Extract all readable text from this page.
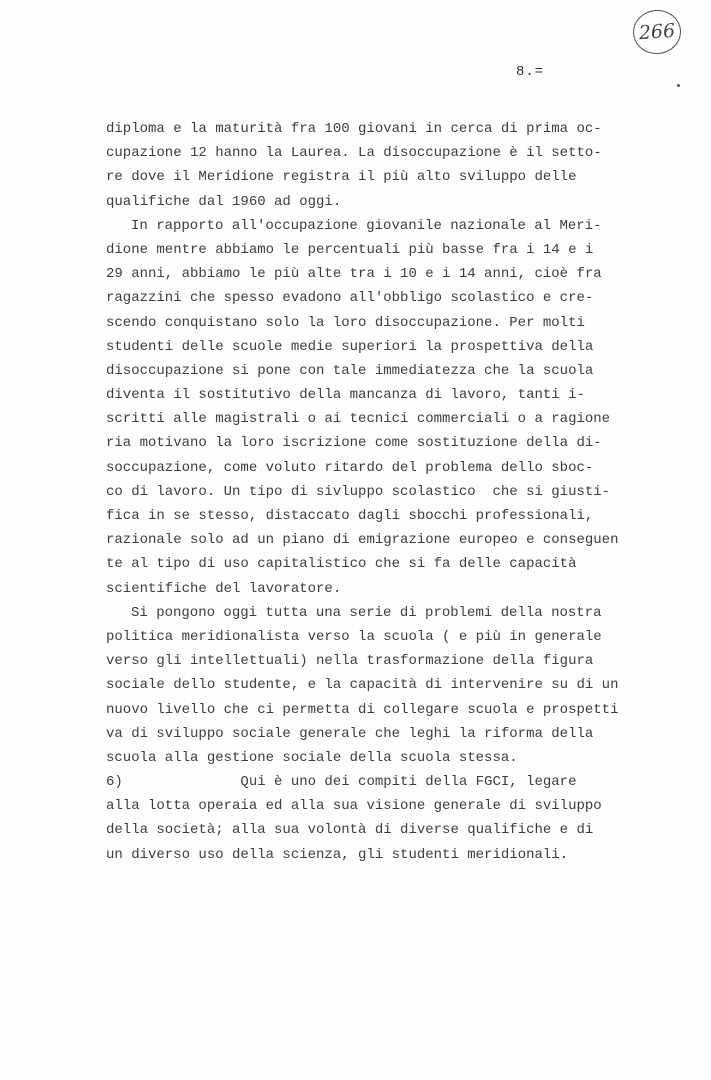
266
8.=
diploma e la maturità fra 100 giovani in cerca di prima oc-
cupazione 12 hanno la Laurea. La disoccupazione è il setto-
re dove il Meridione registra il più alto sviluppo delle
qualifiche dal 1960 ad oggi.
In rapporto all'occupazione giovanile nazionale al Meri-
dione mentre abbiamo le percentuali più basse fra i 14 e i
29 anni, abbiamo le più alte tra i 10 e i 14 anni, cioè fra
ragazzini che spesso evadono all'obbligo scolastico e cre-
scendo conquistano solo la loro disoccupazione. Per molti
studenti delle scuole medie superiori la prospettiva della
disoccupazione si pone con tale immediatezza che la scuola
diventa il sostitutivo della mancanza di lavoro, tanti i-
scritti alle magistrali o ai tecnici commerciali o a ragione
ria motivano la loro iscrizione come sostituzione della di-
soccupazione, come voluto ritardo del problema dello sboc-
co di lavoro. Un tipo di sivluppo scolastico  che si giusti-
fica in se stesso, distaccato dagli sbocchi professionali,
razionale solo ad un piano di emigrazione europeo e conseguen
te al tipo di uso capitalistico che si fa delle capacità
scientifiche del lavoratore.
Si pongono oggi tutta una serie di problemi della nostra
politica meridionalista verso la scuola ( e più in generale
verso gli intellettuali) nella trasformazione della figura
sociale dello studente, e la capacità di intervenire su di un
nuovo livello che ci permetta di collegare scuola e prospetti
va di sviluppo sociale generale che leghi la riforma della
scuola alla gestione sociale della scuola stessa.
6)              Qui è uno dei compiti della FGCI, legare
alla lotta operaia ed alla sua visione generale di sviluppo
della società; alla sua volontà di diverse qualifiche e di
un diverso uso della scienza, gli studenti meridionali.
